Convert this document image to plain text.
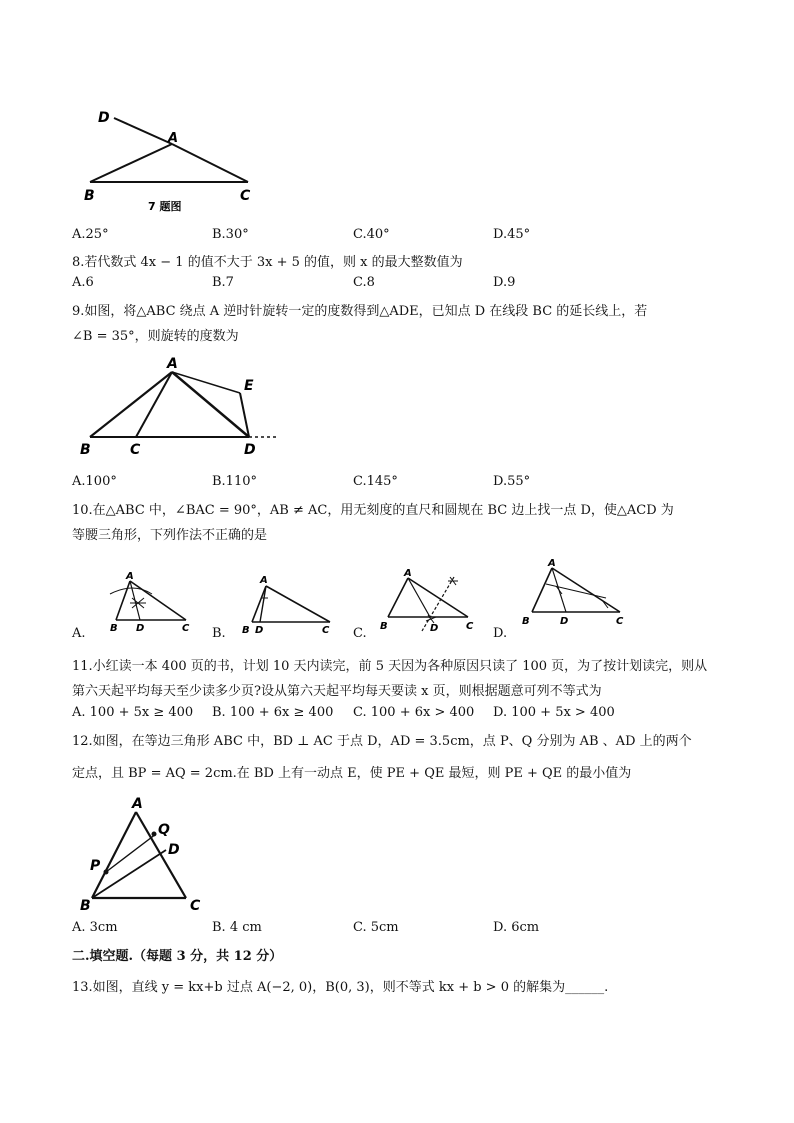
D
A
B	C
7 题图
A.25°	B.30°	C.40°	D.45°
8.若代数式 4x − 1 的值不大于 3x + 5 的值，则 x 的最大整数值为
A.6	B.7	C.8	D.9
9.如图，将△ABC 绕点 A 逆时针旋转一定的度数得到△ADE，已知点 D 在线段 BC 的延长线上，若
∠B = 35°，则旋转的度数为
A
E
B	C	D
A.100°	B.110°	C.145°	D.55°
10.在△ABC 中，∠BAC = 90°，AB ≠ AC，用无刻度的直尺和圆规在 BC 边上找一点 D，使△ACD 为
等腰三角形，下列作法不正确的是
A.
A
B D	C B.
A
B D	C C.
A
B	D	C D.
A
B	D	C
11.小红读一本 400 页的书，计划 10 天内读完，前 5 天因为各种原因只读了 100 页，为了按计划读完，则从
第六天起平均每天至少读多少页?设从第六天起平均每天要读 x 页，则根据题意可列不等式为
A. 100 + 5x ≥ 400 B. 100 + 6x ≥ 400 C. 100 + 6x > 400 D. 100 + 5x > 400
12.如图，在等边三角形 ABC 中，BD ⊥ AC 于点 D，AD = 3.5cm，点 P、Q 分别为 AB 、AD 上的两个
定点，且 BP = AQ = 2cm.在 BD 上有一动点 E，使 PE + QE 最短，则 PE + QE 的最小值为
A
Q
D
P
B	C
A. 3cm	B. 4 cm	C. 5cm	D. 6cm
二.填空题.（每题 3 分，共 12 分）
13.如图，直线 y = kx+b 过点 A(−2, 0)，B(0, 3)，则不等式 kx + b > 0 的解集为______.
